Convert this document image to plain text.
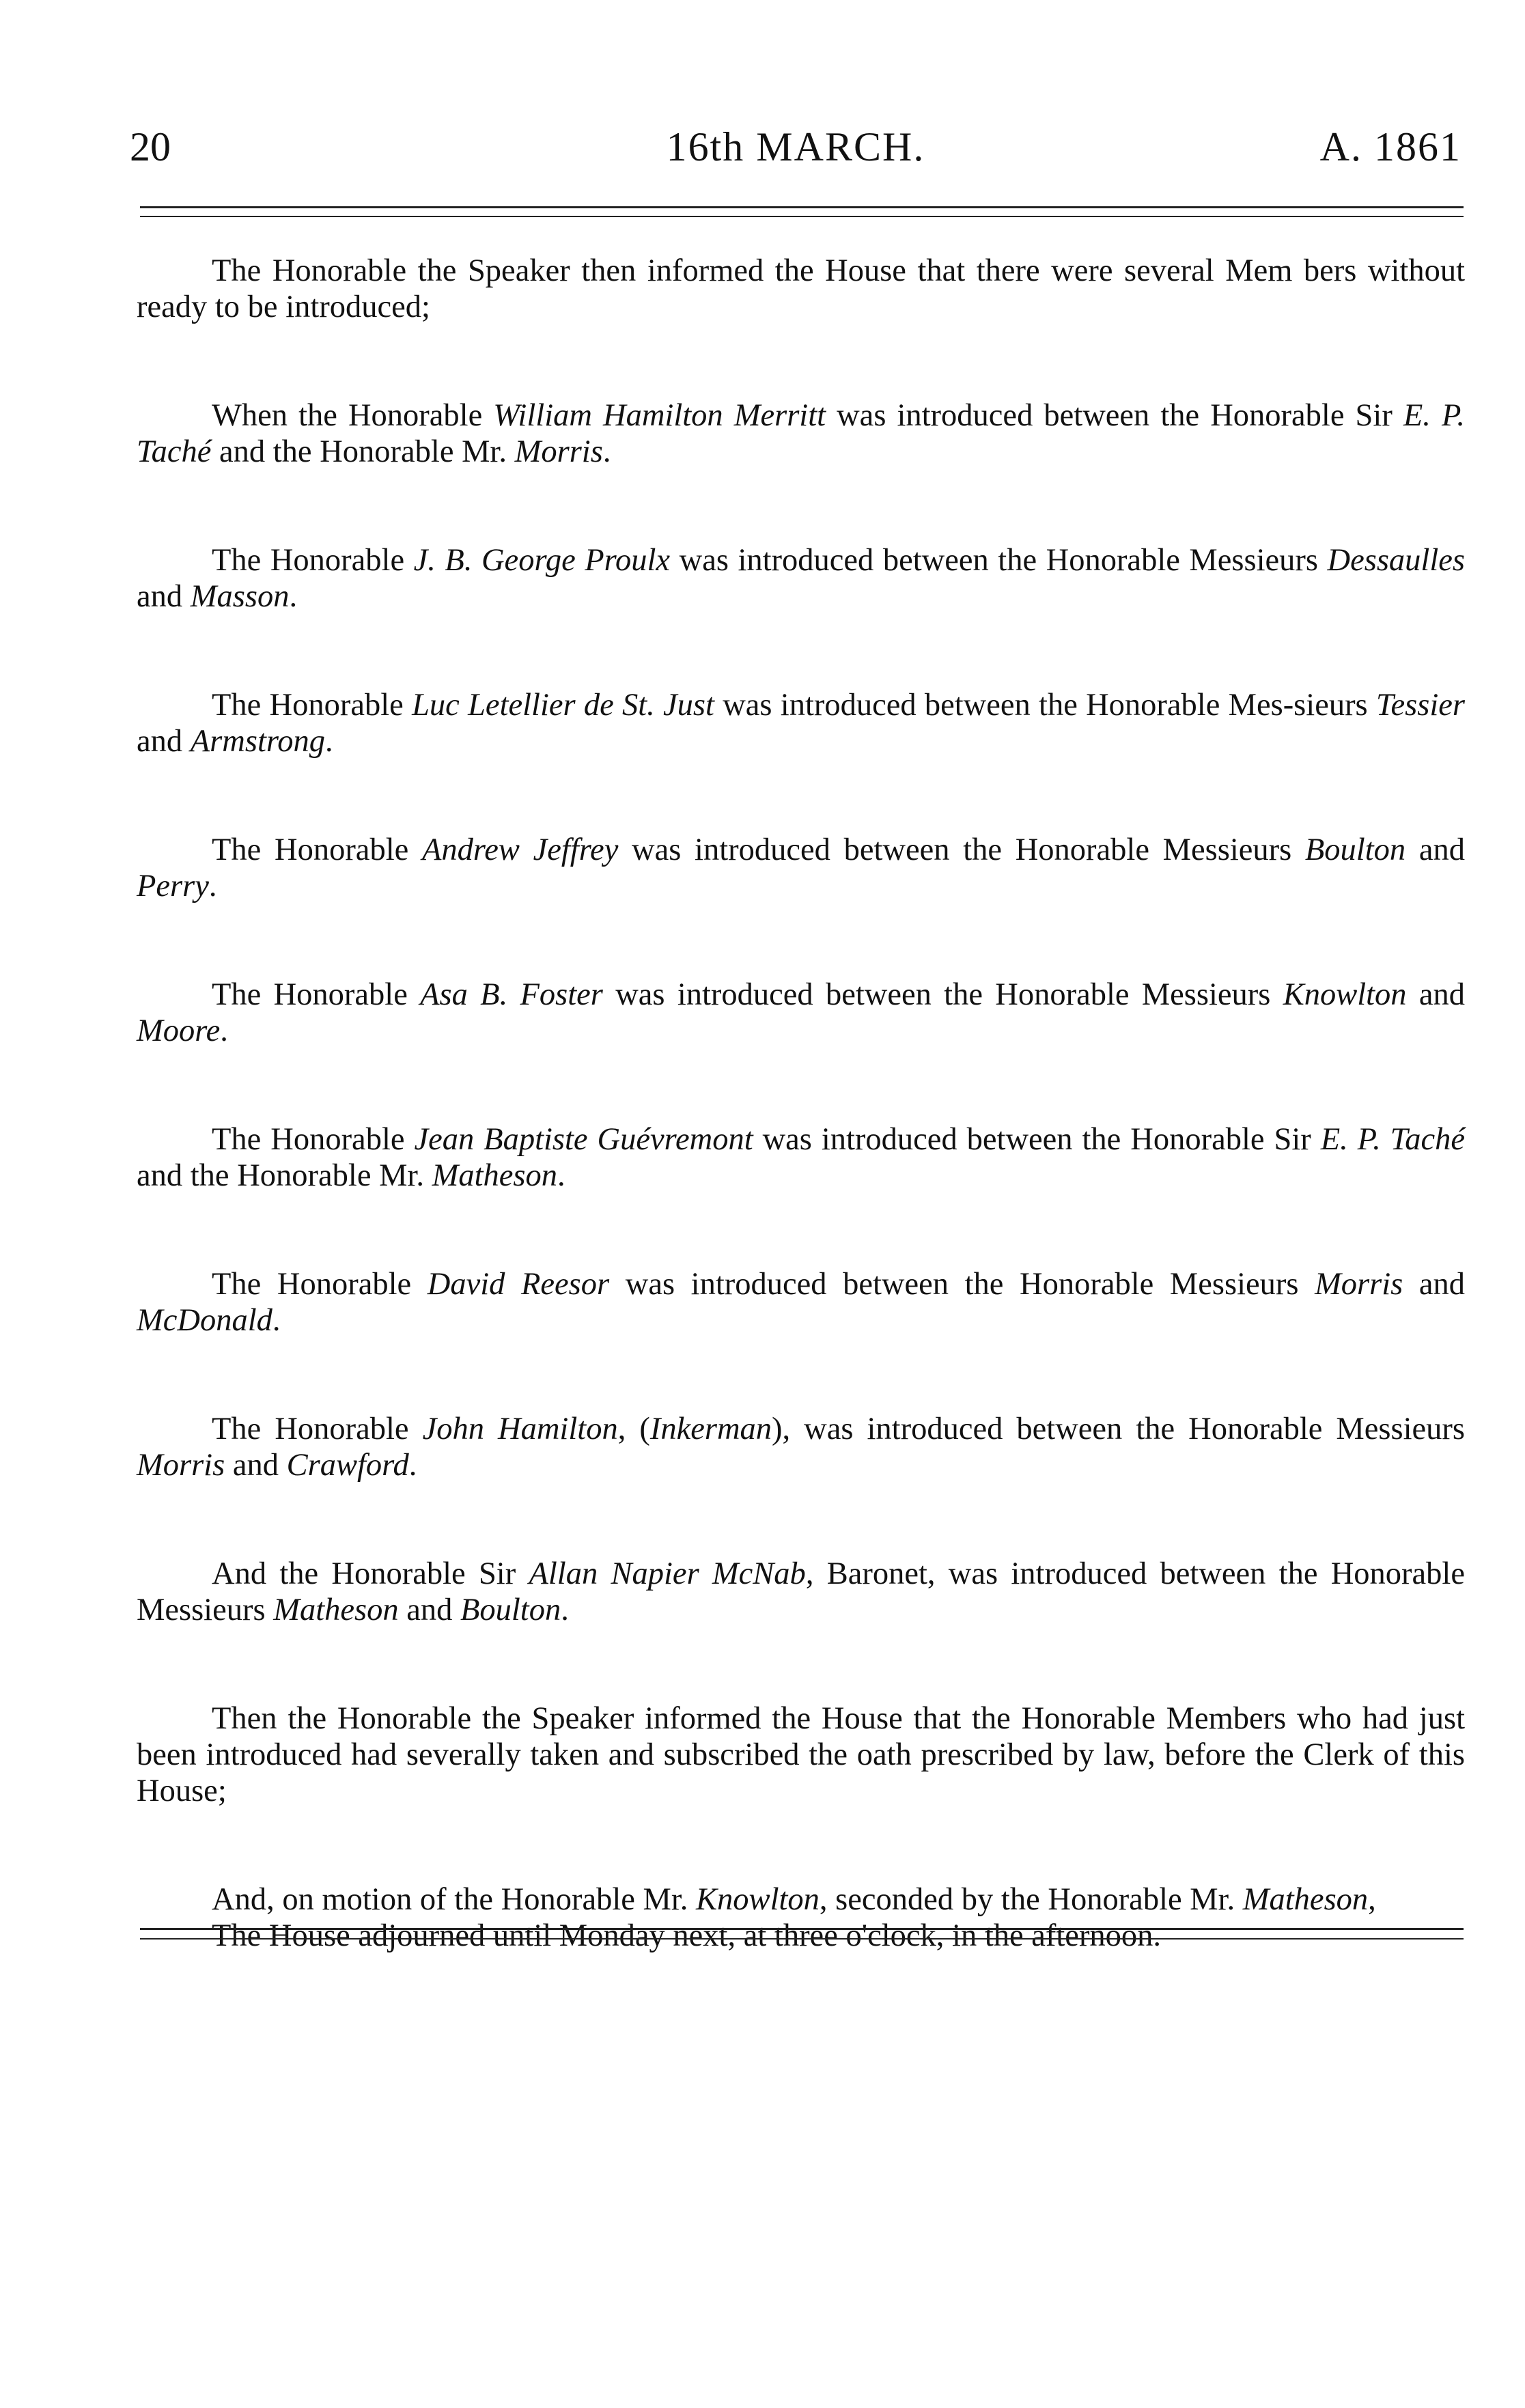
20	16th MARCH.	A. 1861

The Honorable the Speaker then informed the House that there were several Mem bers without ready to be introduced;

When the Honorable William Hamilton Merritt was introduced between the Honorable Sir E. P. Taché and the Honorable Mr. Morris.

The Honorable J. B. George Proulx was introduced between the Honorable Messieurs Dessaulles and Masson.

The Honorable Luc Letellier de St. Just was introduced between the Honorable Mes-sieurs Tessier and Armstrong.

The Honorable Andrew Jeffrey was introduced between the Honorable Messieurs Boulton and Perry.

The Honorable Asa B. Foster was introduced between the Honorable Messieurs Knowlton and Moore.

The Honorable Jean Baptiste Guévremont was introduced between the Honorable Sir E. P. Taché and the Honorable Mr. Matheson.

The Honorable David Reesor was introduced between the Honorable Messieurs Morris and McDonald.

The Honorable John Hamilton, (Inkerman), was introduced between the Honorable Messieurs Morris and Crawford.

And the Honorable Sir Allan Napier McNab, Baronet, was introduced between the Honorable Messieurs Matheson and Boulton.

Then the Honorable the Speaker informed the House that the Honorable Members who had just been introduced had severally taken and subscribed the oath prescribed by law, before the Clerk of this House;

And, on motion of the Honorable Mr. Knowlton, seconded by the Honorable Mr. Matheson,

The House adjourned until Monday next, at three o'clock, in the afternoon.
